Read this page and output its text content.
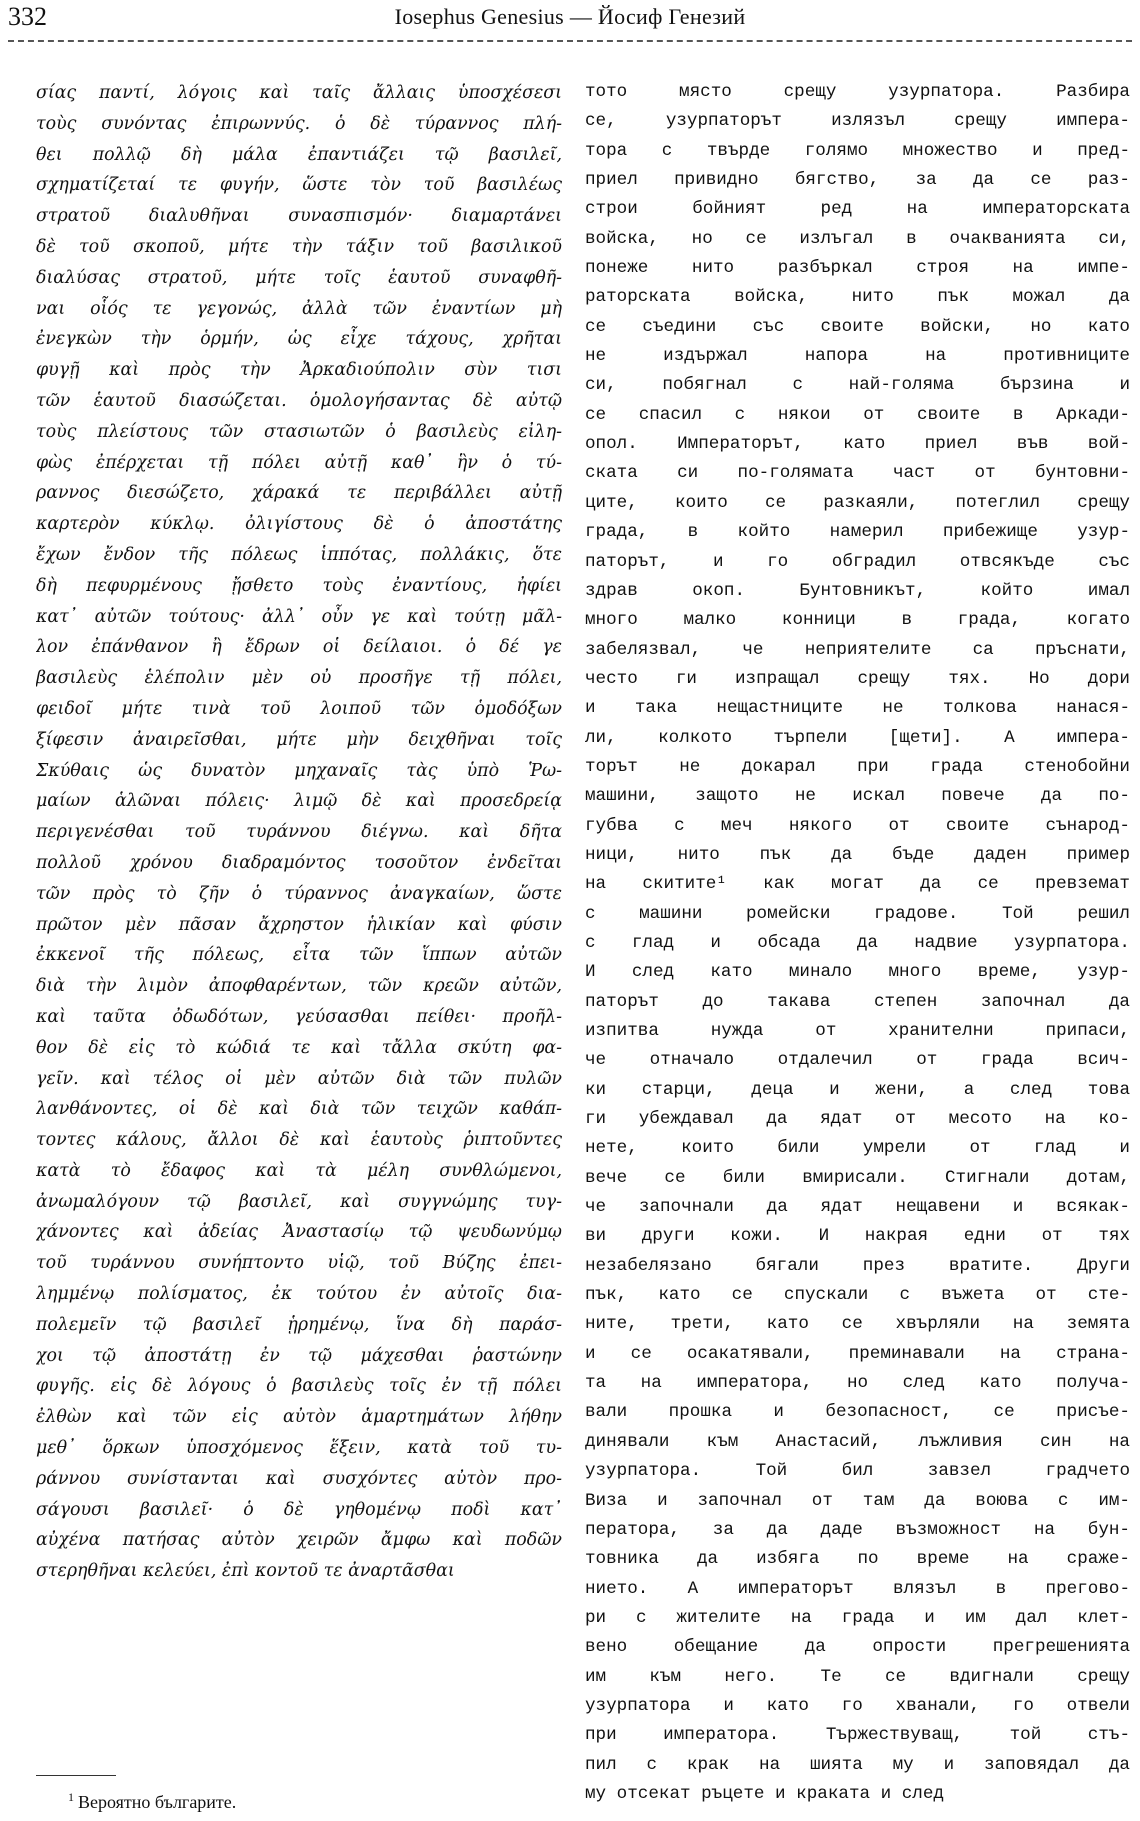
332	Iosephus Genesius — Йосиф Генезий
σίας παντί, λόγοις καὶ ταῖς ἄλλαις ὑποσχέσεσι
τοὺς συνόντας ἐπιρωννύς. ὁ δὲ τύραννος πλή-
θει πολλῷ δὴ μάλα ἐπαντιάζει τῷ βασιλεῖ,
σχηματίζεταί τε φυγήν, ὥστε τὸν τοῦ βασιλέως
στρατοῦ διαλυθῆναι συνασπισμόν· διαμαρτάνει
δὲ τοῦ σκοποῦ, μήτε τὴν τάξιν τοῦ βασιλικοῦ
διαλύσας στρατοῦ, μήτε τοῖς ἑαυτοῦ συναφθῆ-
ναι οἷός τε γεγονώς, ἀλλὰ τῶν ἐναντίων μὴ
ἐνεγκὼν τὴν ὁρμήν, ὡς εἶχε τάχους, χρῆται
φυγῇ καὶ πρὸς τὴν Ἀρκαδιούπολιν σὺν τισι
τῶν ἑαυτοῦ διασώζεται. ὁμολογήσαντας δὲ αὐτῷ
τοὺς πλείστους τῶν στασιωτῶν ὁ βασιλεὺς εἰλη-
φὼς ἐπέρχεται τῇ πόλει αὐτῇ καθ᾽ ἣν ὁ τύ-
ραννος διεσώζετο, χάρακά τε περιβάλλει αὐτῇ
καρτερὸν κύκλῳ. ὀλιγίστους δὲ ὁ ἀποστάτης
ἔχων ἔνδον τῆς πόλεως ἱππότας, πολλάκις, ὅτε
δὴ πεφυρμένους ᾔσθετο τοὺς ἐναντίους, ἠφίει
κατ᾽ αὐτῶν τούτους· ἀλλ᾽ οὖν γε καὶ τούτῃ μᾶλ-
λον ἐπάνθανον ἢ ἔδρων οἱ δείλαιοι. ὁ δέ γε
βασιλεὺς ἑλέπολιν μὲν οὐ προσῆγε τῇ πόλει,
φειδοῖ μήτε τινὰ τοῦ λοιποῦ τῶν ὁμοδόξων
ξίφεσιν ἀναιρεῖσθαι, μήτε μὴν δειχθῆναι τοῖς
Σκύθαις ὡς δυνατὸν μηχαναῖς τὰς ὑπὸ Ῥω-
μαίων ἁλῶναι πόλεις· λιμῷ δὲ καὶ προσεδρείᾳ
περιγενέσθαι τοῦ τυράννου διέγνω. καὶ δῆτα
πολλοῦ χρόνου διαδραμόντος τοσοῦτον ἐνδεῖται
τῶν πρὸς τὸ ζῆν ὁ τύραννος ἀναγκαίων, ὥστε
πρῶτον μὲν πᾶσαν ἄχρηστον ἡλικίαν καὶ φύσιν
ἐκκενοῖ τῆς πόλεως, εἶτα τῶν ἵππων αὐτῶν
διὰ τὴν λιμὸν ἀποφθαρέντων, τῶν κρεῶν αὐτῶν,
καὶ ταῦτα ὀδωδότων, γεύσασθαι πείθει· προῆλ-
θον δὲ εἰς τὸ κώδιά τε καὶ τἄλλα σκύτη φα-
γεῖν. καὶ τέλος οἱ μὲν αὐτῶν διὰ τῶν πυλῶν
λανθάνοντες, οἱ δὲ καὶ διὰ τῶν τειχῶν καθάπ-
τοντες κάλους, ἄλλοι δὲ καὶ ἑαυτοὺς ῥιπτοῦντες
κατὰ τὸ ἔδαφος καὶ τὰ μέλη συνθλώμενοι,
ἀνωμαλόγουν τῷ βασιλεῖ, καὶ συγγνώμης τυγ-
χάνοντες καὶ ἀδείας Ἀναστασίῳ τῷ ψευδωνύμῳ
τοῦ τυράννου συνήπτοντο υἱῷ, τοῦ Βύζης ἐπει-
λημμένῳ πολίσματος, ἐκ τούτου ἐν αὐτοῖς δια-
πολεμεῖν τῷ βασιλεῖ ᾑρημένῳ, ἵνα δὴ παράσ-
χοι τῷ ἀποστάτῃ ἐν τῷ μάχεσθαι ῥαστώνην
φυγῆς. εἰς δὲ λόγους ὁ βασιλεὺς τοῖς ἐν τῇ πόλει
ἐλθὼν καὶ τῶν εἰς αὐτὸν ἁμαρτημάτων λήθην
μεθ᾽ ὅρκων ὑποσχόμενος ἕξειν, κατὰ τοῦ τυ-
ράννου συνίστανται καὶ συσχόντες αὐτὸν προ-
σάγουσι βασιλεῖ· ὁ δὲ γηθομένῳ ποδὶ κατ᾽
αὐχένα πατήσας αὐτὸν χειρῶν ἄμφω καὶ ποδῶν
στερηθῆναι κελεύει, ἐπὶ κοντοῦ τε ἀναρτᾶσθαι
тото място срещу узурпатора. Разбира
се, узурпаторът излязъл срещу импера-
тора с твърде голямо множество и пред-
приел привидно бягство, за да се раз-
строи бойният ред на императорската
войска, но се излъгал в очакванията си,
понеже нито разбъркал строя на импе-
раторската войска, нито пък можал да
се съедини със своите войски, но като
не издържал напора на противниците
си, побягнал с най-голяма бързина и
се спасил с някои от своите в Аркади-
опол. Императорът, като приел във вой-
ската си по-голямата част от бунтовни-
ците, които се разкаяли, потеглил срещу
града, в който намерил прибежище узур-
паторът, и го обградил отвсякъде със
здрав окоп. Бунтовникът, който имал
много малко конници в града, когато
забелязвал, че неприятелите са пръснати,
често ги изпращал срещу тях. Но дори
и така нещастниците не толкова нанася-
ли, колкото търпели [щети]. А импера-
торът не докарал при града стенобойни
машини, защото не искал повече да по-
губва с меч някого от своите сънарод-
ници, нито пък да бъде даден пример
на скитите¹ как могат да се превземат
с машини ромейски градове. Той решил
с глад и обсада да надвие узурпатора.
И след като минало много време, узур-
паторът до такава степен започнал да
изпитва нужда от хранителни припаси,
че отначало отдалечил от града всич-
ки старци, деца и жени, а след това
ги убеждавал да ядат от месото на ко-
нете, които били умрели от глад и
вече се били вмирисали. Стигнали дотам,
че започнали да ядат нещавени и всякак-
ви други кожи. И накрая едни от тях
незабелязано бягали през вратите. Други
пък, като се спускали с въжета от сте-
ните, трети, като се хвърляли на земята
и се осакатявали, преминавали на страна-
та на императора, но след като получа-
вали прошка и безопасност, се присъе-
динявали към Анастасий, лъжливия син на
узурпатора. Той бил завзел градчето
Виза и започнал от там да воюва с им-
ператора, за да даде възможност на бун-
товника да избяга по време на сраже-
нието. А императорът влязъл в прегово-
ри с жителите на града и им дал клет-
вено обещание да опрости прегрешенията
им към него. Те се вдигнали срещу
узурпатора и като го хванали, го отвели
при императора. Тържествуващ, той стъ-
пил с крак на шията му и заповядал да
му отсекат ръцете и краката и след
$^1$ Вероятно българите.
